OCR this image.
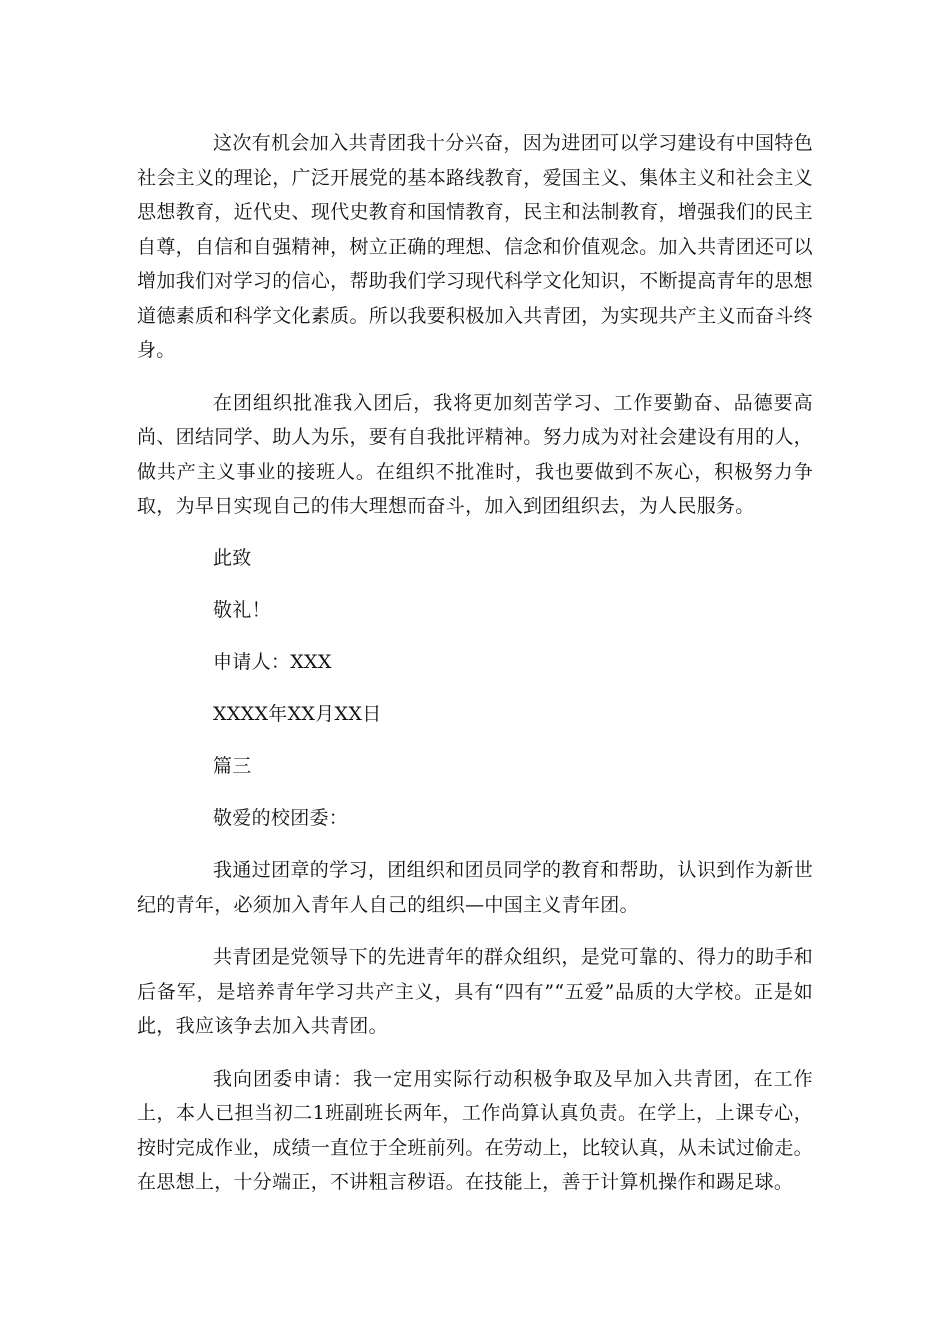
这次有机会加入共青团我十分兴奋，因为进团可以学习建设有中国特色社会主义的理论，广泛开展党的基本路线教育，爱国主义、集体主义和社会主义思想教育，近代史、现代史教育和国情教育，民主和法制教育，增强我们的民主自尊，自信和自强精神，树立正确的理想、信念和价值观念。加入共青团还可以增加我们对学习的信心，帮助我们学习现代科学文化知识，不断提高青年的思想道德素质和科学文化素质。所以我要积极加入共青团，为实现共产主义而奋斗终身。

在团组织批准我入团后，我将更加刻苦学习、工作要勤奋、品德要高尚、团结同学、助人为乐，要有自我批评精神。努力成为对社会建设有用的人，做共产主义事业的接班人。在组织不批准时，我也要做到不灰心，积极努力争取，为早日实现自己的伟大理想而奋斗，加入到团组织去，为人民服务。

此致

敬礼！

申请人：XXX

XXXX年XX月XX日

篇三

敬爱的校团委：

我通过团章的学习，团组织和团员同学的教育和帮助，认识到作为新世纪的青年，必须加入青年人自己的组织—中国主义青年团。

共青团是党领导下的先进青年的群众组织，是党可靠的、得力的助手和后备军，是培养青年学习共产主义，具有“四有”“五爱”品质的大学校。正是如此，我应该争去加入共青团。

我向团委申请：我一定用实际行动积极争取及早加入共青团，在工作上，本人已担当初二1班副班长两年，工作尚算认真负责。在学上，上课专心，按时完成作业，成绩一直位于全班前列。在劳动上，比较认真，从未试过偷走。在思想上，十分端正，不讲粗言秽语。在技能上，善于计算机操作和踢足球。
